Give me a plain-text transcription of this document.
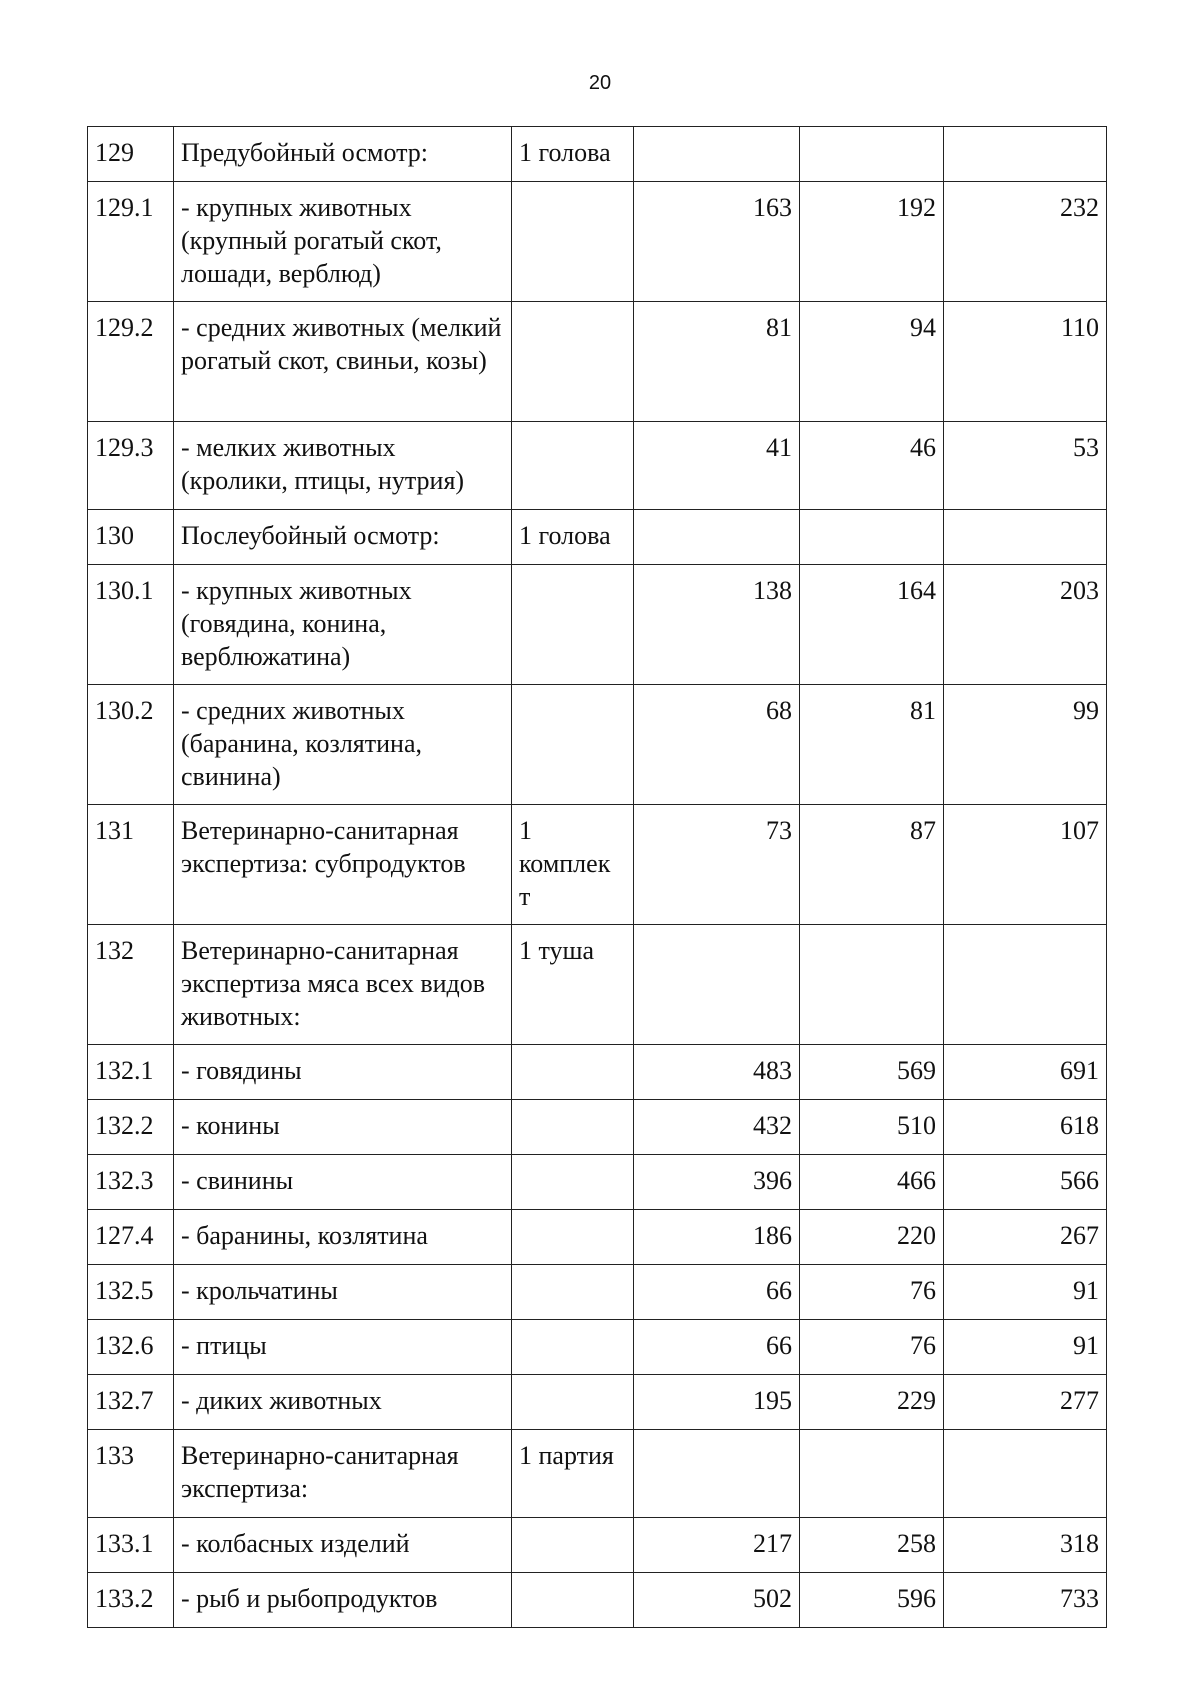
20
129	Предубойный осмотр:	1 голова			
129.1	- крупных животных (крупный рогатый скот, лошади, верблюд)		163	192	232
129.2	- средних животных (мелкий рогатый скот, свиньи, козы)		81	94	110
129.3	- мелких животных (кролики, птицы, нутрия)		41	46	53
130	Послеубойный осмотр:	1 голова			
130.1	- крупных животных (говядина, конина, верблюжатина)		138	164	203
130.2	- средних животных (баранина, козлятина, свинина)		68	81	99
131	Ветеринарно-санитарная экспертиза: субпродуктов	1 комплек т	73	87	107
132	Ветеринарно-санитарная экспертиза мяса всех видов животных:	1 туша			
132.1	- говядины		483	569	691
132.2	- конины		432	510	618
132.3	- свинины		396	466	566
127.4	- баранины, козлятина		186	220	267
132.5	- крольчатины		66	76	91
132.6	- птицы		66	76	91
132.7	- диких животных		195	229	277
133	Ветеринарно-санитарная экспертиза:	1 партия			
133.1	- колбасных изделий		217	258	318
133.2	- рыб и рыбопродуктов		502	596	733
